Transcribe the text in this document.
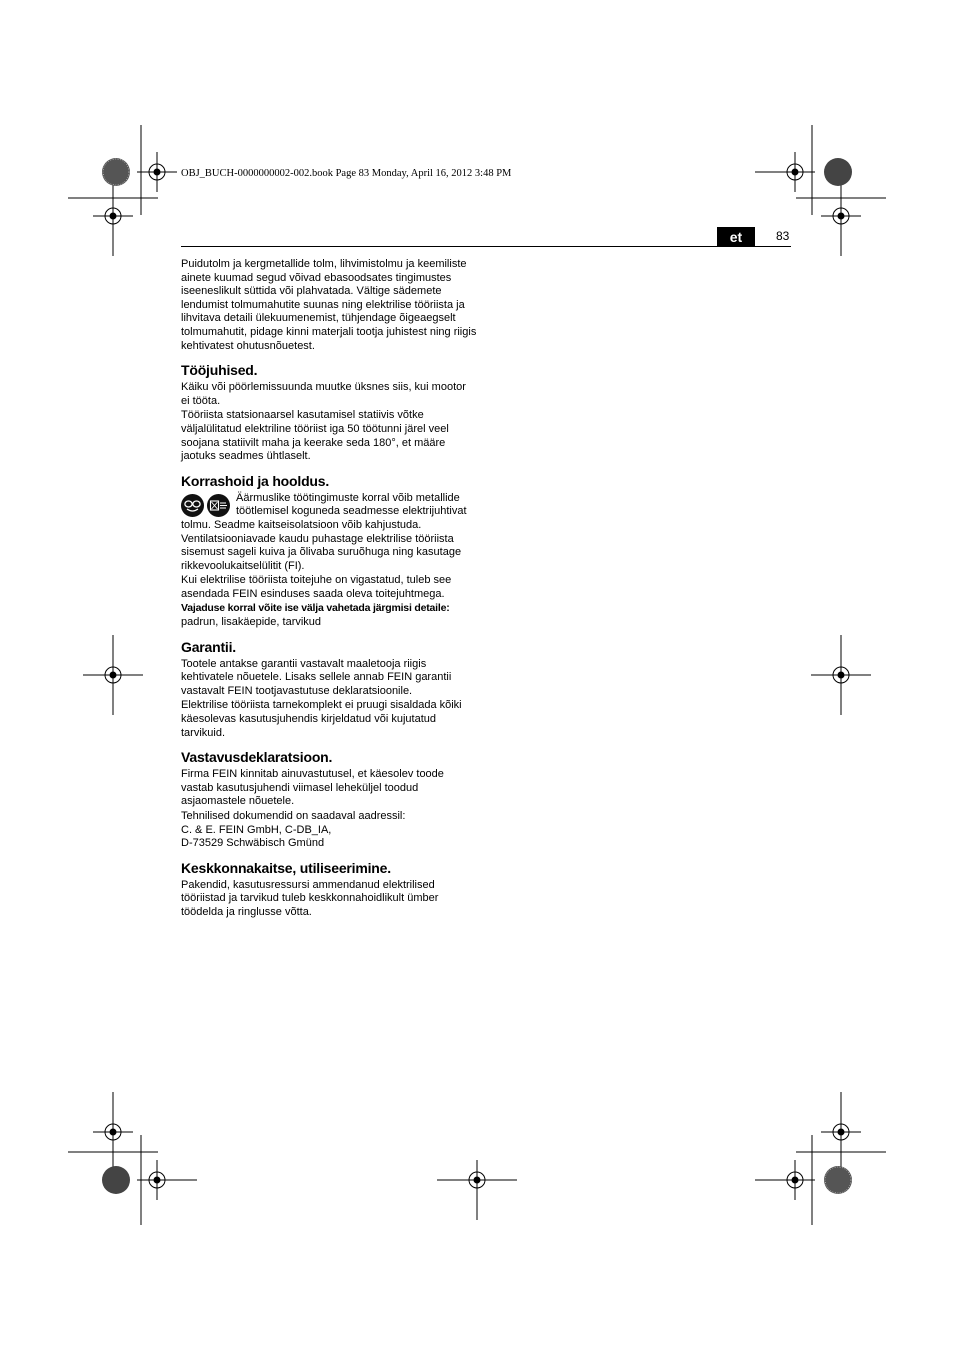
OBJ_BUCH-0000000002-002.book Page 83 Monday, April 16, 2012 3:48 PM
et	83

Puidutolm ja kergmetallide tolm, lihvimistolmu ja keemiliste ainete kuumad segud võivad ebasoodsates tingimustes iseeneslikult süttida või plahvatada. Vältige sädemete lendumist tolmumahutite suunas ning elektrilise tööriista ja lihvitava detaili ülekuumenemist, tühjendage õigeaegselt tolmumahutit, pidage kinni materjali tootja juhistest ning riigis kehtivatest ohutusnõuetest.

Tööjuhised.

Käiku või pöörlemissuunda muutke üksnes siis, kui mootor ei tööta.

Tööriista statsionaarsel kasutamisel statiivis võtke väljalülitatud elektriline tööriist iga 50 töötunni järel veel soojana statiivilt maha ja keerake seda 180°, et määre jaotuks seadmes ühtlaselt.

Korrashoid ja hooldus.

Äärmuslike töötingimuste korral võib metallide töötlemisel koguneda seadmesse elektrijuhtivat tolmu. Seadme kaitseisolatsioon võib kahjustuda. Ventilatsiooniavade kaudu puhastage elektrilise tööriista sisemust sageli kuiva ja õlivaba suruõhuga ning kasutage rikkevoolukaitselülitit (FI).

Kui elektrilise tööriista toitejuhe on vigastatud, tuleb see asendada FEIN esinduses saada oleva toitejuhtmega.

Vajaduse korral võite ise välja vahetada järgmisi detaile:

padrun, lisakäepide, tarvikud

Garantii.

Tootele antakse garantii vastavalt maaletooja riigis kehtivatele nõuetele. Lisaks sellele annab FEIN garantii vastavalt FEIN tootjavastutuse deklaratsioonile.

Elektrilise tööriista tarnekomplekt ei pruugi sisaldada kõiki käesolevas kasutusjuhendis kirjeldatud või kujutatud tarvikuid.

Vastavusdeklaratsioon.

Firma FEIN kinnitab ainuvastutusel, et käesolev toode vastab kasutusjuhendi viimasel leheküljel toodud asjaomastele nõuetele.

Tehnilised dokumendid on saadaval aadressil:

C. & E. FEIN GmbH, C-DB_IA,

D-73529 Schwäbisch Gmünd

Keskkonnakaitse, utiliseerimine.

Pakendid, kasutusressursi ammendanud elektrilised tööriistad ja tarvikud tuleb keskkonnahoidlikult ümber töödelda ja ringlusse võtta.
